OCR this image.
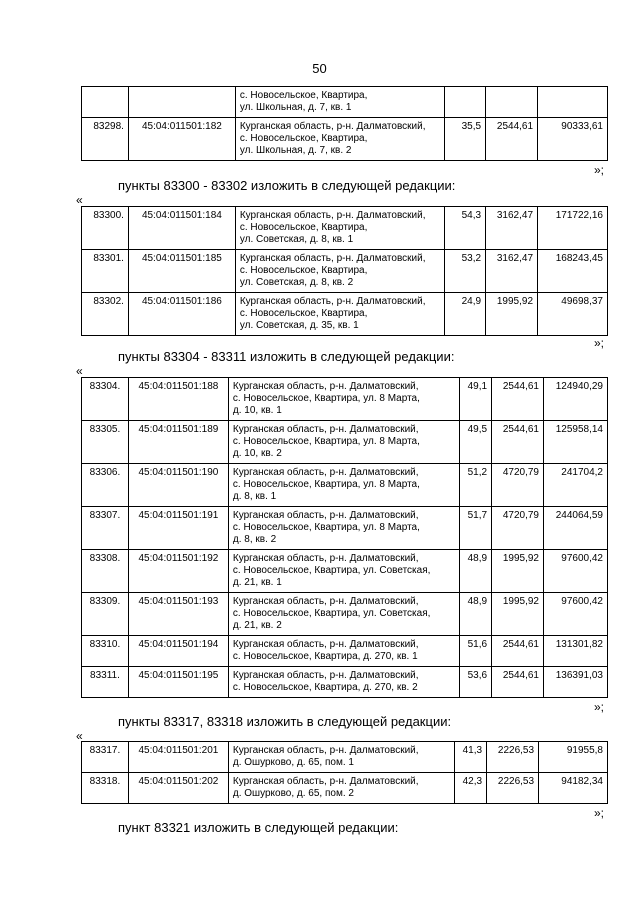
50

		с. Новосельское, Квартира,
ул. Школьная, д. 7, кв. 1			

83298.	45:04:011501:182	Курганская область, р-н. Далматовский,
с. Новосельское, Квартира,
ул. Школьная, д. 7, кв. 2	35,5	2544,61	90333,61
»;
пункты 83300 - 83302 изложить в следующей редакции:
«
83300.	45:04:011501:184	Курганская область, р-н. Далматовский,
с. Новосельское, Квартира,
ул. Советская, д. 8, кв. 1	54,3	3162,47	171722,16
83301.	45:04:011501:185	Курганская область, р-н. Далматовский,
с. Новосельское, Квартира,
ул. Советская, д. 8, кв. 2	53,2	3162,47	168243,45
83302.	45:04:011501:186	Курганская область, р-н. Далматовский,
с. Новосельское, Квартира,
ул. Советская, д. 35, кв. 1	24,9	1995,92	49698,37
»;
пункты 83304 - 83311 изложить в следующей редакции:
«
83304.	45:04:011501:188	Курганская область, р-н. Далматовский,
с. Новосельское, Квартира, ул. 8 Марта,
д. 10, кв. 1	49,1	2544,61	124940,29
83305.	45:04:011501:189	Курганская область, р-н. Далматовский,
с. Новосельское, Квартира, ул. 8 Марта,
д. 10, кв. 2	49,5	2544,61	125958,14
83306.	45:04:011501:190	Курганская область, р-н. Далматовский,
с. Новосельское, Квартира, ул. 8 Марта,
д. 8, кв. 1	51,2	4720,79	241704,2
83307.	45:04:011501:191	Курганская область, р-н. Далматовский,
с. Новосельское, Квартира, ул. 8 Марта,
д. 8, кв. 2	51,7	4720,79	244064,59
83308.	45:04:011501:192	Курганская область, р-н. Далматовский,
с. Новосельское, Квартира, ул. Советская,
д. 21, кв. 1	48,9	1995,92	97600,42
83309.	45:04:011501:193	Курганская область, р-н. Далматовский,
с. Новосельское, Квартира, ул. Советская,
д. 21, кв. 2	48,9	1995,92	97600,42
83310.	45:04:011501:194	Курганская область, р-н. Далматовский,
с. Новосельское, Квартира, д. 270, кв. 1	51,6	2544,61	131301,82
83311.	45:04:011501:195	Курганская область, р-н. Далматовский,
с. Новосельское, Квартира, д. 270, кв. 2	53,6	2544,61	136391,03
»;
пункты 83317, 83318 изложить в следующей редакции:
«
83317.	45:04:011501:201	Курганская область, р-н. Далматовский,
д. Ошурково, д. 65, пом. 1	41,3	2226,53	91955,8
83318.	45:04:011501:202	Курганская область, р-н. Далматовский,
д. Ошурково, д. 65, пом. 2	42,3	2226,53	94182,34
»;
пункт 83321 изложить в следующей редакции:
